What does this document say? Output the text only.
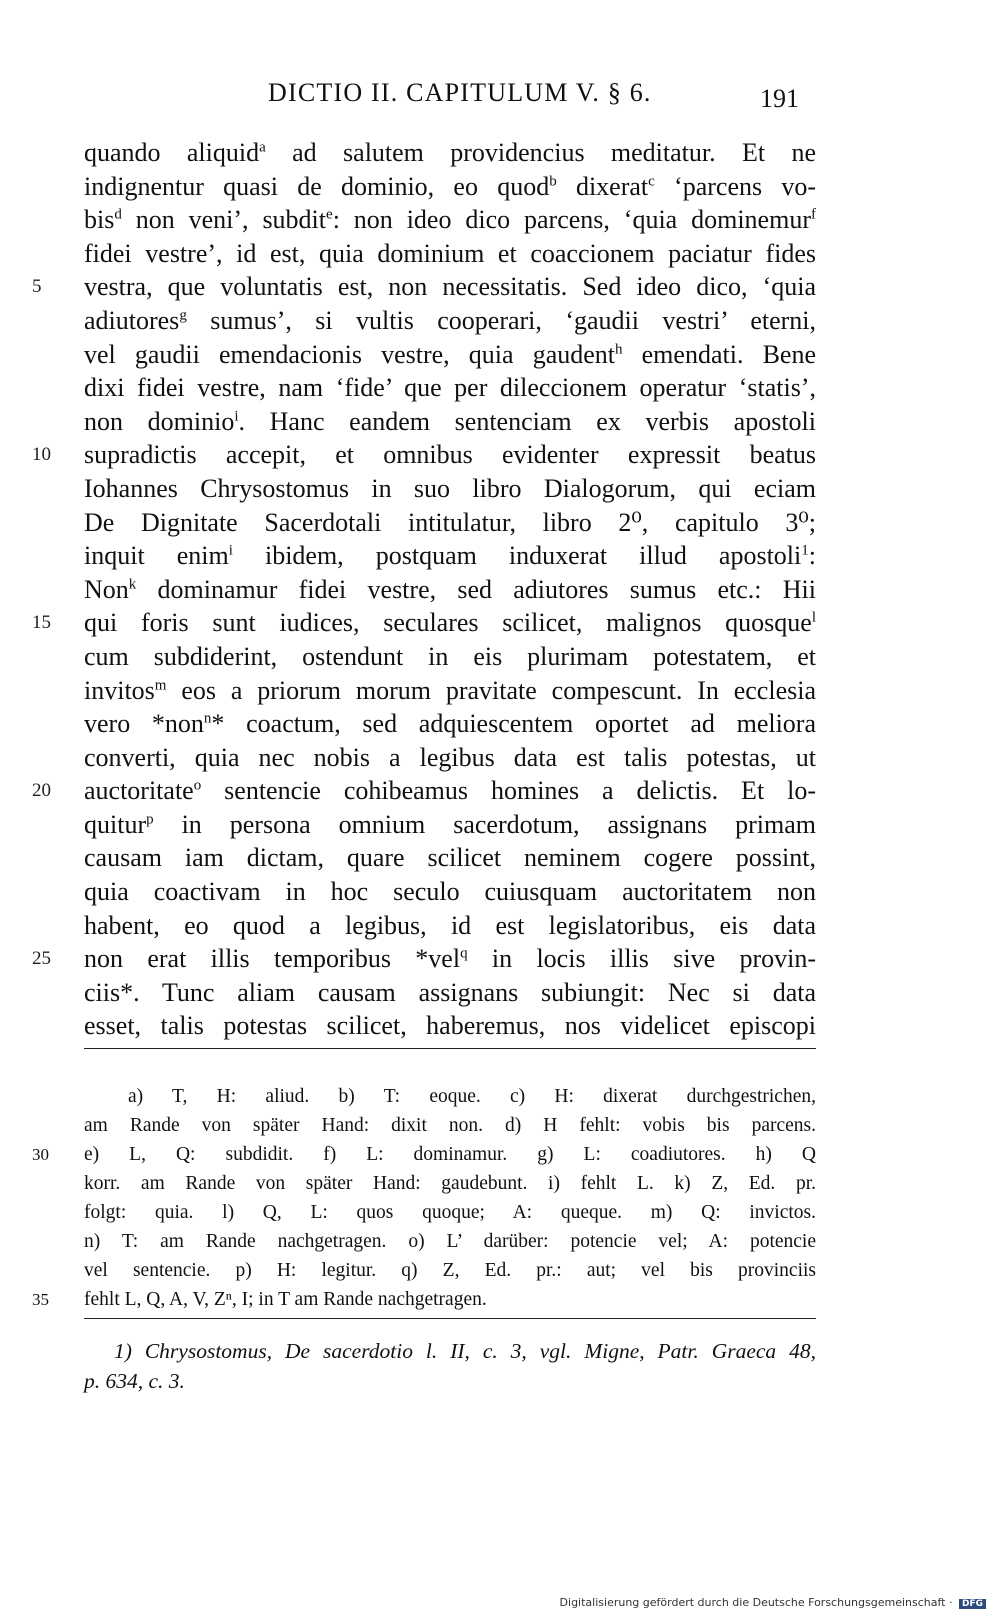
DICTIO II. CAPITULUM V. § 6.	191
quando aliquid$^a$ ad salutem providencius meditatur. Et ne
indignentur quasi de dominio, eo quod$^b$ dixerat$^c$ ‘parcens vo-
bis$^d$ non veni’, subdit$^e$: non ideo dico parcens, ‘quia dominemur$^f$
fidei vestre’, id est, quia dominium et coaccionem paciatur fides
vestra, que voluntatis est, non necessitatis. Sed ideo dico, ‘quia
adiutores$^g$ sumus’, si vultis cooperari, ‘gaudii vestri’ eterni,
vel gaudii emendacionis vestre, quia gaudent$^h$ emendati. Bene
dixi fidei vestre, nam ‘fide’ que per dileccionem operatur ‘statis’,
non dominio$^i$. Hanc eandem sentenciam ex verbis apostoli
supradictis accepit, et omnibus evidenter expressit beatus
Iohannes Chrysostomus in suo libro Dialogorum, qui eciam
De Dignitate Sacerdotali intitulatur, libro 2⁰, capitulo 3⁰;
inquit enim$^i$ ibidem, postquam induxerat illud apostoli$^1$:
Non$^k$ dominamur fidei vestre, sed adiutores sumus etc.: Hii
qui foris sunt iudices, seculares scilicet, malignos quosque$^l$
cum subdiderint, ostendunt in eis plurimam potestatem, et
invitos$^m$ eos a priorum morum pravitate compescunt. In ecclesia
vero *non$^n$* coactum, sed adquiescentem oportet ad meliora
converti, quia nec nobis a legibus data est talis potestas, ut
auctoritate$^o$ sentencie cohibeamus homines a delictis. Et lo-
quitur$^p$ in persona omnium sacerdotum, assignans primam
causam iam dictam, quare scilicet neminem cogere possint,
quia coactivam in hoc seculo cuiusquam auctoritatem non
habent, eo quod a legibus, id est legislatoribus, eis data
non erat illis temporibus *vel$^q$ in locis illis sive provin-
ciis*. Tunc aliam causam assignans subiungit: Nec si data
esset, talis potestas scilicet, haberemus, nos videlicet episcopi
a) T, H: aliud. b) T: eoque. c) H: dixerat durchgestrichen,
am Rande von später Hand: dixit non. d) H fehlt: vobis bis parcens.
e) L, Q: subdidit. f) L: dominamur. g) L: coadiutores. h) Q
korr. am Rande von später Hand: gaudebunt. i) fehlt L. k) Z, Ed. pr.
folgt: quia. l) Q, L: quos quoque; A: queque. m) Q: invictos.
n) T: am Rande nachgetragen. o) L’ darüber: potencie vel; A: potencie
vel sentencie. p) H: legitur. q) Z, Ed. pr.: aut; vel bis provinciis
fehlt L, Q, A, V, Zⁿ, I; in T am Rande nachgetragen.
1) Chrysostomus, De sacerdotio l. II, c. 3, vgl. Migne, Patr. Graeca 48,
p. 634, c. 3.
Digitalisierung gefördert durch die Deutsche Forschungsgemeinschaft · DFG
5
10
15
20
25
30
35
